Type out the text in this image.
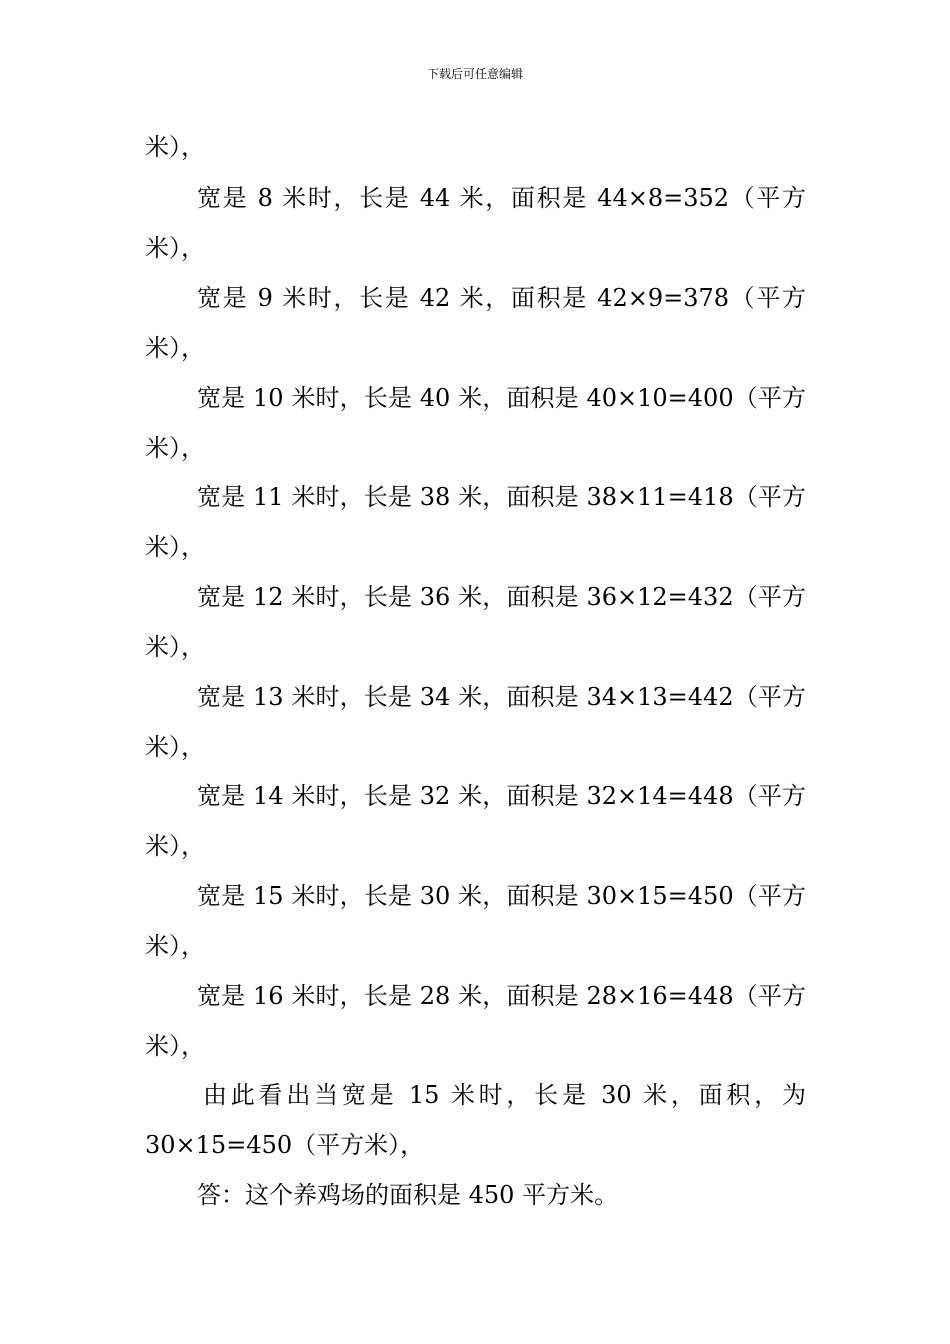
下载后可任意编辑
米），
宽是 8 米时，长是 44 米，面积是 44×8=352（平方
米），
宽是 9 米时，长是 42 米，面积是 42×9=378（平方
米），
宽是 10 米时，长是 40 米，面积是 40×10=400（平方
米），
宽是 11 米时，长是 38 米，面积是 38×11=418（平方
米），
宽是 12 米时，长是 36 米，面积是 36×12=432（平方
米），
宽是 13 米时，长是 34 米，面积是 34×13=442（平方
米），
宽是 14 米时，长是 32 米，面积是 32×14=448（平方
米），
宽是 15 米时，长是 30 米，面积是 30×15=450（平方
米），
宽是 16 米时，长是 28 米，面积是 28×16=448（平方
米），
由此看出当宽是 15 米时，长是 30 米，面积，为
30×15=450（平方米），
答：这个养鸡场的面积是 450 平方米。
